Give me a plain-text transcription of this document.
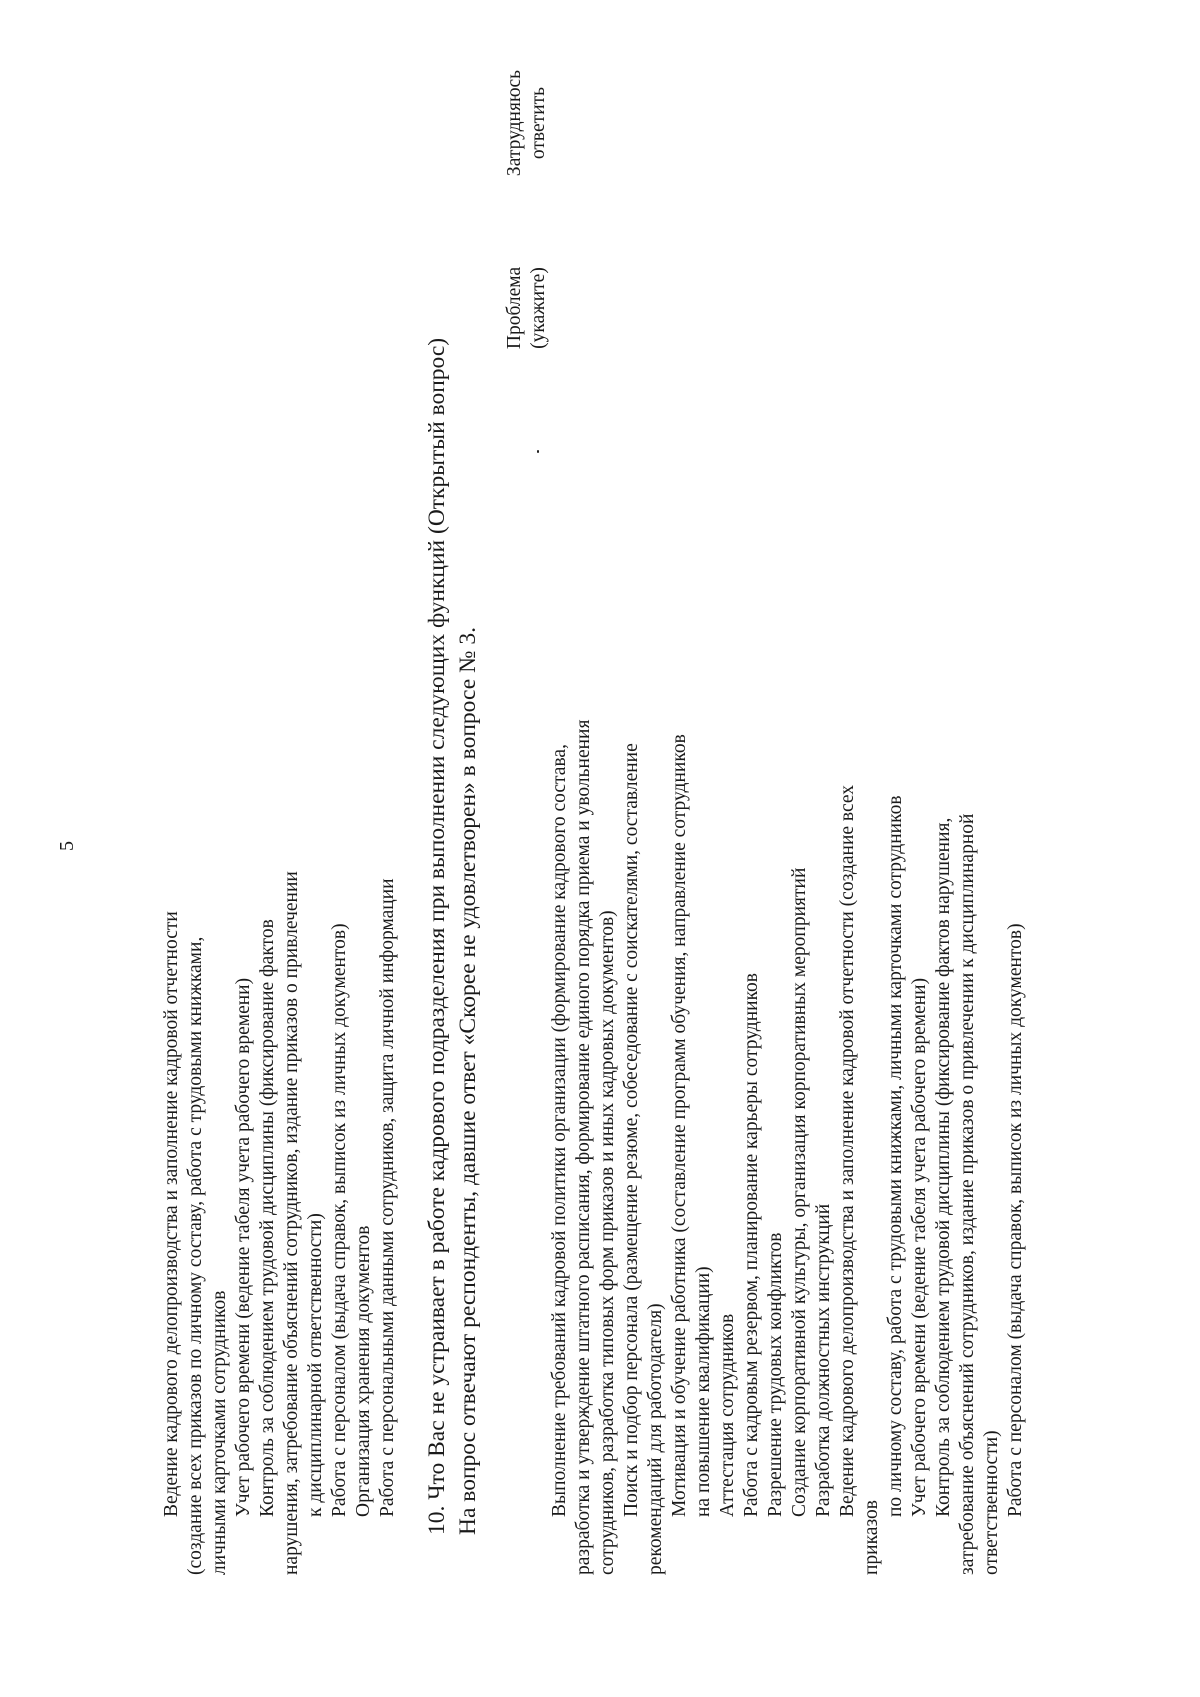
5
Ведение кадрового делопроизводства и заполнение кадровой отчетности (создание всех приказов по личному составу, работа с трудовыми книжками, личными карточками сотрудников Учет рабочего времени (ведение табеля учета рабочего времени) Контроль за соблюдением трудовой дисциплины (фиксирование фактов нарушения, затребование объяснений сотрудников, издание приказов о привлечении к дисциплинарной ответственности) Работа с персоналом (выдача справок, выписок из личных документов) Организация хранения документов Работа с персональными данными сотрудников, защита личной информации 10. Что Вас не устраивает в работе кадрового подразделения при выполнении следующих функций (Открытый вопрос) На вопрос отвечают респонденты, давшие ответ «Скорее не удовлетворен» в вопросе № 3.
Проблема (укажите)
Затрудняюсь ответить
Выполнение требований кадровой политики организации (формирование кадрового состава, разработка и утверждение штатного расписания, формирование единого порядка приема и увольнения сотрудников, разработка типовых форм приказов и иных кадровых документов) Поиск и подбор персонала (размещение резюме, собеседование с соискателями, составление рекомендаций для работодателя) Мотивация и обучение работника (составление программ обучения, направление сотрудников на повышение квалификации) Аттестация сотрудников Работа с кадровым резервом, планирование карьеры сотрудников Разрешение трудовых конфликтов Создание корпоративной культуры, организация корпоративных мероприятий Разработка должностных инструкций Ведение кадрового делопроизводства и заполнение кадровой отчетности (создание всех
приказов
по личному составу, работа с трудовыми книжками, личными карточками сотрудников Учет рабочего времени (ведение табеля учета рабочего времени) Контроль за соблюдением трудовой дисциплины (фиксирование фактов нарушения, затребование объяснений сотрудников, издание приказов о привлечении к дисциплинарной ответственности) Работа с персоналом (выдача справок, выписок из личных документов)
